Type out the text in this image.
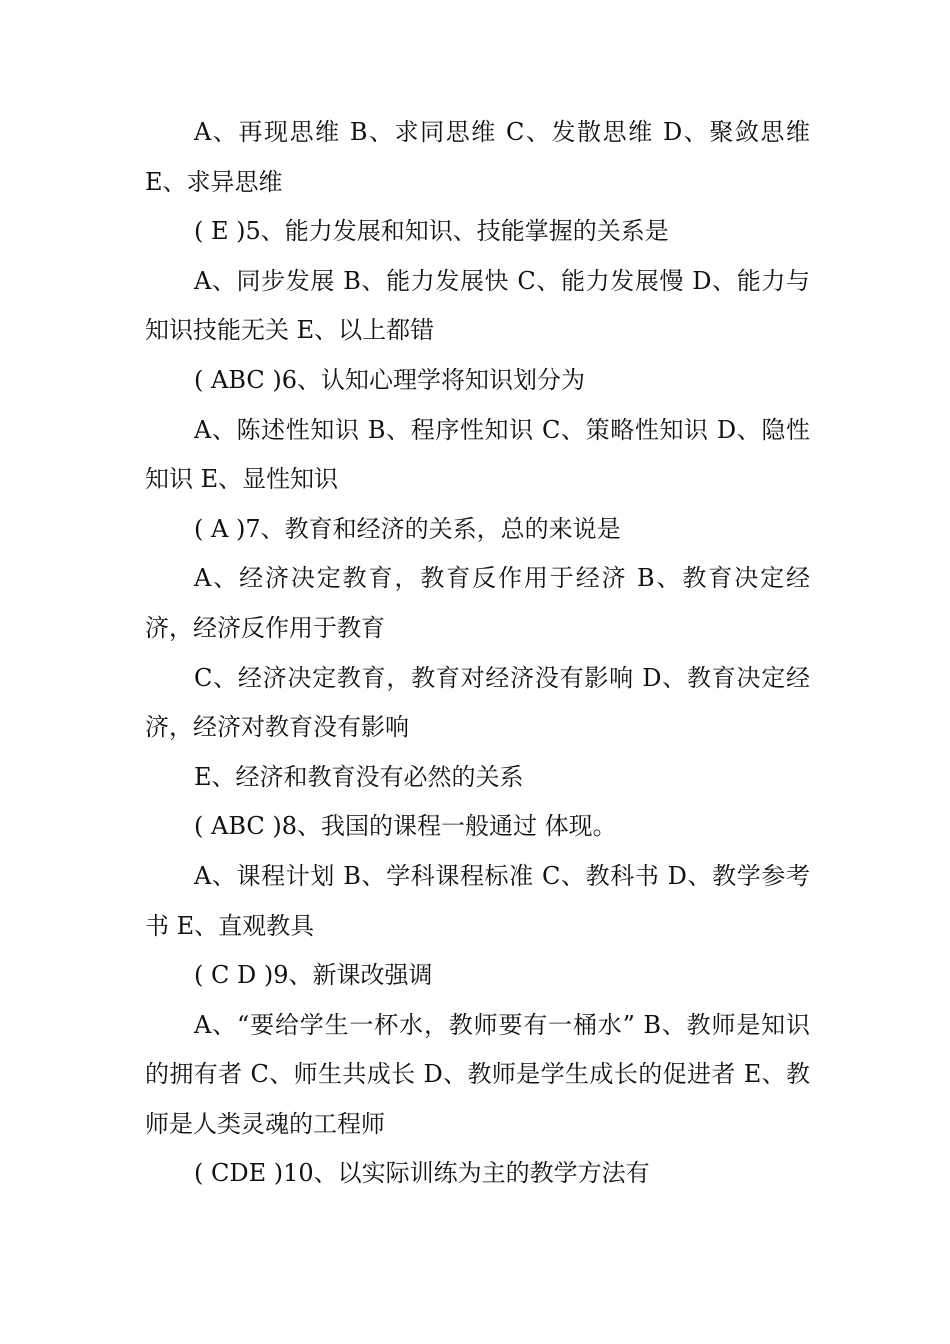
A、再现思维 B、求同思维 C、发散思维 D、聚敛思维 E、求异思维

( E )5、能力发展和知识、技能掌握的关系是

A、同步发展 B、能力发展快 C、能力发展慢 D、能力与知识技能无关 E、以上都错

( ABC )6、认知心理学将知识划分为

A、陈述性知识 B、程序性知识 C、策略性知识 D、隐性知识 E、显性知识

( A )7、教育和经济的关系，总的来说是

A、经济决定教育，教育反作用于经济 B、教育决定经济，经济反作用于教育

C、经济决定教育，教育对经济没有影响 D、教育决定经济，经济对教育没有影响

E、经济和教育没有必然的关系

( ABC )8、我国的课程一般通过 体现。

A、课程计划 B、学科课程标准 C、教科书 D、教学参考书 E、直观教具

( C D )9、新课改强调

A、“要给学生一杯水，教师要有一桶水” B、教师是知识的拥有者 C、师生共成长 D、教师是学生成长的促进者 E、教师是人类灵魂的工程师

( CDE )10、以实际训练为主的教学方法有
